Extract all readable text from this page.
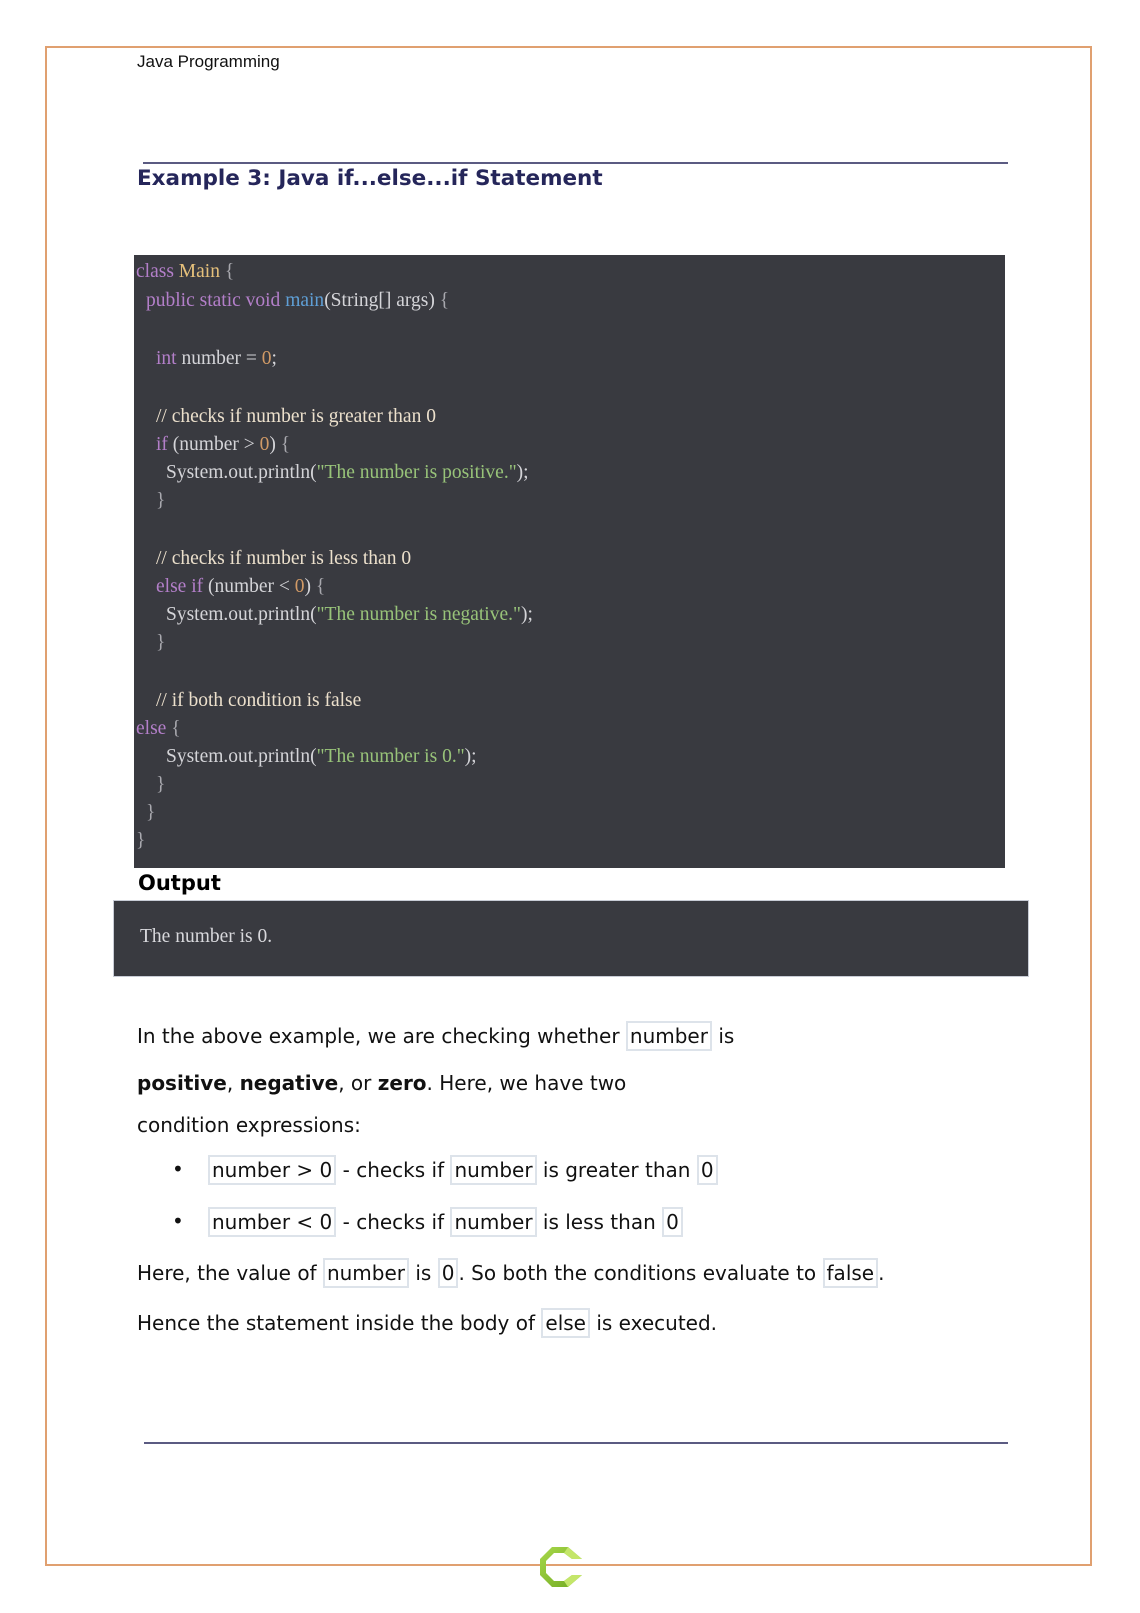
Java Programming
Example 3: Java if...else...if Statement
class Main {
public static void main(String[] args) {
int number = 0;
// checks if number is greater than 0
if (number > 0) {
System.out.println("The number is positive.");
}
// checks if number is less than 0
else if (number < 0) {
System.out.println("The number is negative.");
}
// if both condition is false
else {
System.out.println("The number is 0.");
}
}
}
Output
The number is 0.
In the above example, we are checking whether number is
positive, negative, or zero. Here, we have two
condition expressions:
• number > 0 - checks if number is greater than 0
• number < 0 - checks if number is less than 0
Here, the value of number is 0 . So both the conditions evaluate to false .
Hence the statement inside the body of else is executed.
